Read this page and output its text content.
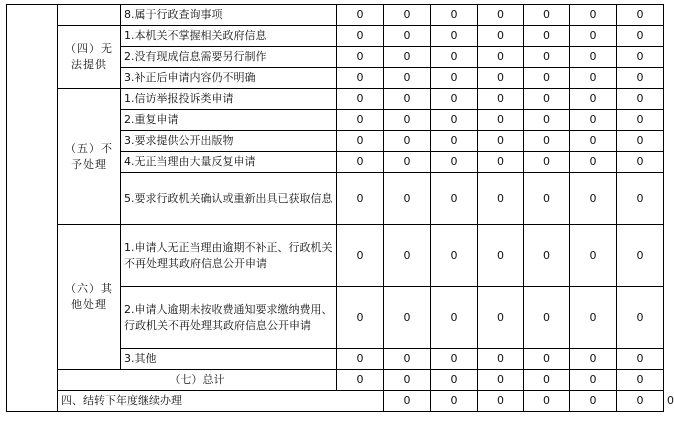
		8.属于行政查询事项	0	0	0	0	0	0	0	
	（四）无法提供	1.本机关不掌握相关政府信息	0	0	0	0	0	0	0	
		2.没有现成信息需要另行制作	0	0	0	0	0	0	0	
		3.补正后申请内容仍不明确	0	0	0	0	0	0	0	
	（五）不予处理	1.信访举报投诉类申请	0	0	0	0	0	0	0	
		2.重复申请	0	0	0	0	0	0	0	
		3.要求提供公开出版物	0	0	0	0	0	0	0	
		4.无正当理由大量反复申请	0	0	0	0	0	0	0	
		5.要求行政机关确认或重新出具已获取信息	0	0	0	0	0	0	0	
	（六）其他处理	1.申请人无正当理由逾期不补正、行政机关不再处理其政府信息公开申请	0	0	0	0	0	0	0	
		2.申请人逾期未按收费通知要求缴纳费用、行政机关不再处理其政府信息公开申请	0	0	0	0	0	0	0	
		3.其他	0	0	0	0	0	0	0	
	（七）总计		0	0	0	0	0	0	0	
	四、结转下年度继续办理			0	0	0	0	0	0	0
